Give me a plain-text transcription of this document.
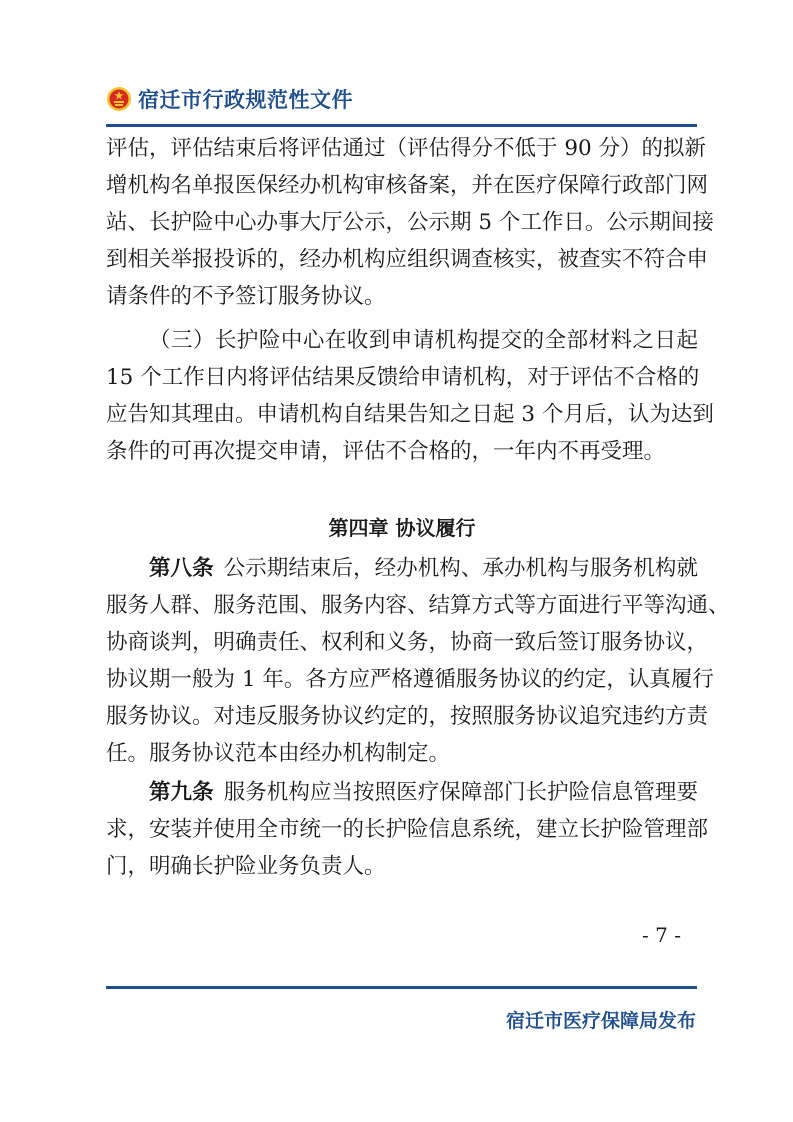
宿迁市行政规范性文件
评估，评估结束后将评估通过（评估得分不低于 90 分）的拟新
增机构名单报医保经办机构审核备案，并在医疗保障行政部门网
站、长护险中心办事大厅公示，公示期 5 个工作日。公示期间接
到相关举报投诉的，经办机构应组织调查核实，被查实不符合申
请条件的不予签订服务协议。
（三）长护险中心在收到申请机构提交的全部材料之日起
15 个工作日内将评估结果反馈给申请机构，对于评估不合格的
应告知其理由。申请机构自结果告知之日起 3 个月后，认为达到
条件的可再次提交申请，评估不合格的，一年内不再受理。
第四章 协议履行
第八条 公示期结束后，经办机构、承办机构与服务机构就
服务人群、服务范围、服务内容、结算方式等方面进行平等沟通、
协商谈判，明确责任、权利和义务，协商一致后签订服务协议，
协议期一般为 1 年。各方应严格遵循服务协议的约定，认真履行
服务协议。对违反服务协议约定的，按照服务协议追究违约方责
任。服务协议范本由经办机构制定。
第九条 服务机构应当按照医疗保障部门长护险信息管理要
求，安装并使用全市统一的长护险信息系统，建立长护险管理部
门，明确长护险业务负责人。
- 7 -
宿迁市医疗保障局发布
